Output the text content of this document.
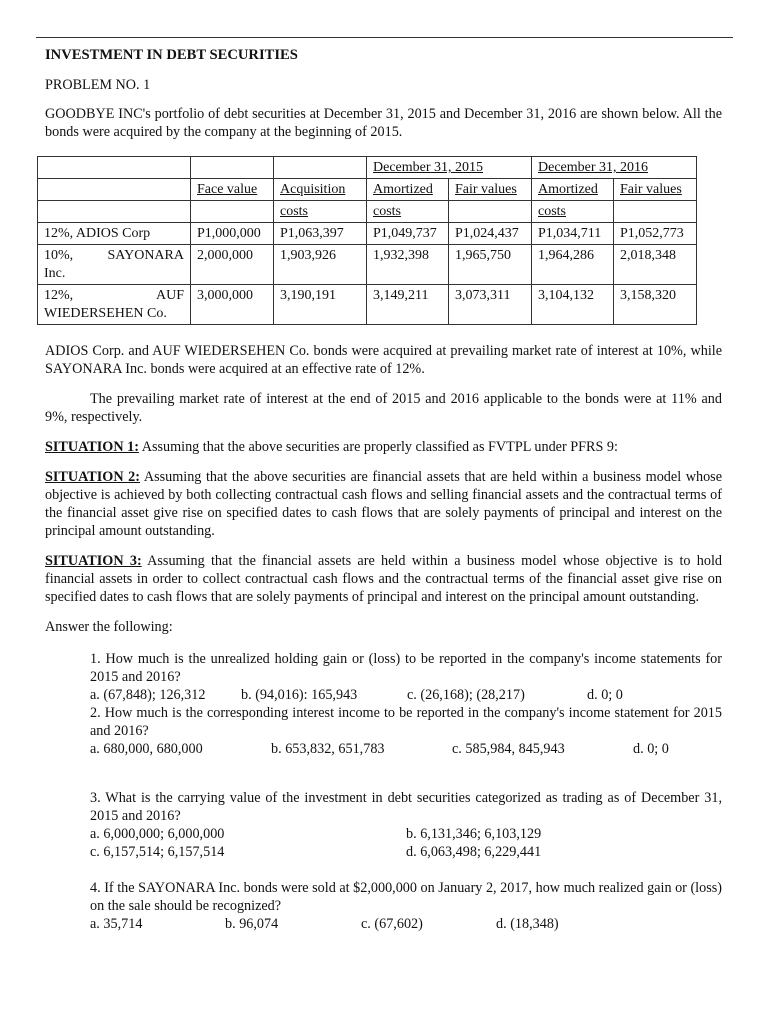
INVESTMENT IN DEBT SECURITIES

PROBLEM NO. 1

GOODBYE INC's portfolio of debt securities at December 31, 2015 and December 31, 2016 are shown below. All the bonds were acquired by the company at the beginning of 2015.

			December 31, 2015		December 31, 2016	
	Face value	Acquisition	Amortized	Fair values	Amortized	Fair values
		costs	costs		costs	
12%, ADIOS Corp	P1,000,000	P1,063,397	P1,049,737	P1,024,437	P1,034,711	P1,052,773

10%, SAYONARA
Inc.	2,000,000	1,903,926	1,932,398	1,965,750	1,964,286	2,018,348

12%, AUF
WIEDERSEHEN Co.	3,000,000	3,190,191	3,149,211	3,073,311	3,104,132	3,158,320

ADIOS Corp. and AUF WIEDERSEHEN Co. bonds were acquired at prevailing market rate of interest at 10%, while SAYONARA Inc. bonds were acquired at an effective rate of 12%.

The prevailing market rate of interest at the end of 2015 and 2016 applicable to the bonds were at 11% and 9%, respectively.

SITUATION 1: Assuming that the above securities are properly classified as FVTPL under PFRS 9:

SITUATION 2: Assuming that the above securities are financial assets that are held within a business model whose objective is achieved by both collecting contractual cash flows and selling financial assets and the contractual terms of the financial asset give rise on specified dates to cash flows that are solely payments of principal and interest on the principal amount outstanding.

SITUATION 3: Assuming that the financial assets are held within a business model whose objective is to hold financial assets in order to collect contractual cash flows and the contractual terms of the financial asset give rise on specified dates to cash flows that are solely payments of principal and interest on the principal amount outstanding.

Answer the following:

1. How much is the unrealized holding gain or (loss) to be reported in the company's income statements for 2015 and 2016?

a. (67,848); 126,312	b. (94,016): 165,943	c. (26,168); (28,217)	d. 0; 0

2. How much is the corresponding interest income to be reported in the company's income statement for 2015 and 2016?

a. 680,000, 680,000	b. 653,832, 651,783	c. 585,984, 845,943	d. 0; 0

3. What is the carrying value of the investment in debt securities categorized as trading as of December 31, 2015 and 2016?

a. 6,000,000; 6,000,000	b. 6,131,346; 6,103,129
c. 6,157,514; 6,157,514	d. 6,063,498; 6,229,441

4. If the SAYONARA Inc. bonds were sold at $2,000,000 on January 2, 2017, how much realized gain or (loss) on the sale should be recognized?

a. 35,714	b. 96,074	c. (67,602)	d. (18,348)
